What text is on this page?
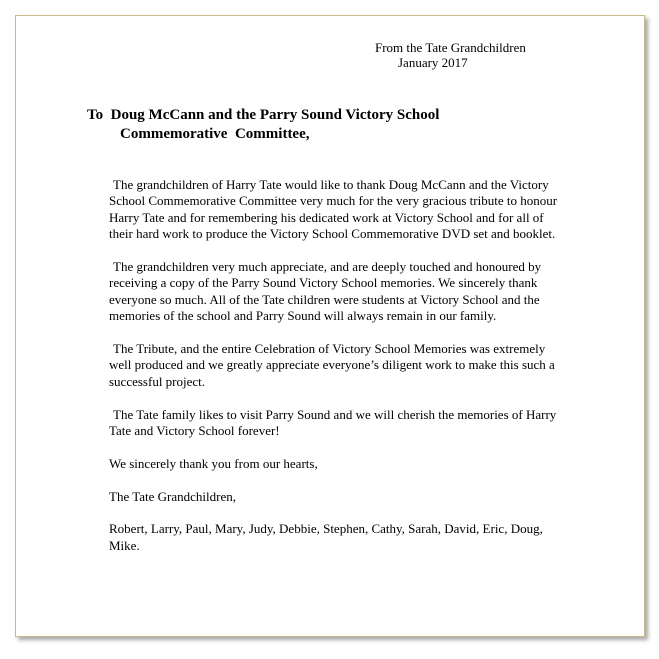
From the Tate Grandchildren
January 2017
To  Doug McCann and the Parry Sound Victory School
Commemorative  Committee,

The grandchildren of Harry Tate would like to thank Doug McCann and the Victory School Commemorative Committee very much for the very gracious tribute to honour Harry Tate and for remembering his dedicated work at Victory School and for all of their hard work to produce the Victory School Commemorative DVD set and booklet.

The grandchildren very much appreciate, and are deeply touched and honoured by receiving a copy of the Parry Sound Victory School memories. We sincerely thank everyone so much. All of the Tate children were students at Victory School and the memories of the school and Parry Sound will always remain in our family.

The Tribute, and the entire Celebration of Victory School Memories was extremely well produced and we greatly appreciate everyone’s diligent work to make this such a successful project.

The Tate family likes to visit Parry Sound and we will cherish the memories of Harry Tate and Victory School forever!

We sincerely thank you from our hearts,

The Tate Grandchildren,

Robert, Larry, Paul, Mary, Judy, Debbie, Stephen, Cathy, Sarah, David, Eric, Doug, Mike.
